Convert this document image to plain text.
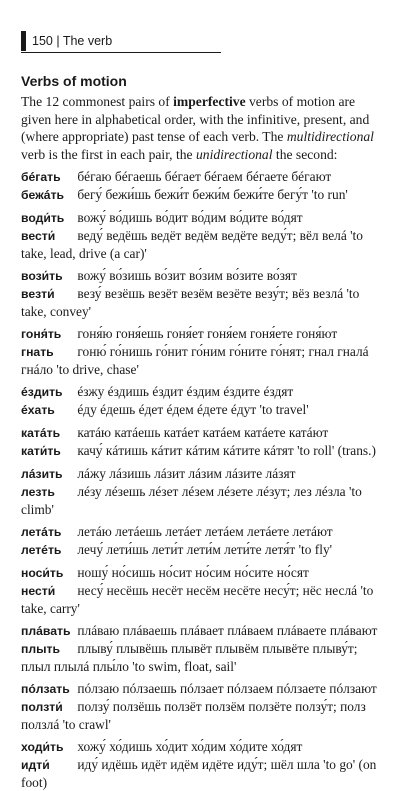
150 | The verb
Verbs of motion

The 12 commonest pairs of imperfective verbs of motion are given here in alphabetical order, with the infinitive, present, and (where appropriate) past tense of each verb. The multidirectional verb is the first in each pair, the unidirectional the second:

бéгать бéгаю бéгаешь бéгает бéгаем бéгаете бéгают
бежáть бегу́ бежи́шь бежи́т бежи́м бежи́те бегу́т 'to run'
води́ть вожу́ во́дишь во́дит во́дим во́дите во́дят
вести́ веду́ ведёшь ведёт ведём ведёте веду́т; вёл велá 'to take, lead, drive (a car)'
вози́ть вожу́ во́зишь во́зит во́зим во́зите во́зят
везти́ везу́ везёшь везёт везём везёте везу́т; вёз везлá 'to take, convey'
гоня́ть гоня́ю гоня́ешь гоня́ет гоня́ем гоня́ете гоня́ют
гнать гоню́ го́нишь го́нит го́ним го́ните го́нят; гнал гналá гнáло 'to drive, chase'
éздить éзжу éздишь éздит éздим éздите éздят
éхать éду éдешь éдет éдем éдете éдут 'to travel'
катáть катáю катáешь катáет катáем катáете катáют
кати́ть качу́ кáтишь кáтит кáтим кáтите кáтят 'to roll' (trans.)
лáзить лáжу лáзишь лáзит лáзим лáзите лáзят
лезть лéзу лéзешь лéзет лéзем лéзете лéзут; лез лéзла 'to climb'
летáть летáю летáешь летáет летáем летáете летáют
летéть лечу́ лети́шь лети́т лети́м лети́те летя́т 'to fly'
носи́ть ношу́ но́сишь но́сит но́сим но́сите но́сят
нести́ несу́ несёшь несёт несём несёте несу́т; нёс неслá 'to take, carry'
плáвать плáваю плáваешь плáвает плáваем плáваете плáвают
плыть плыву́ плывёшь плывёт плывём плывёте плыву́т; плыл плылá плы́ло 'to swim, float, sail'
пóлзать пóлзаю пóлзаешь пóлзает пóлзаем пóлзаете пóлзают
ползти́ ползу́ ползёшь ползёт ползём ползёте ползу́т; полз ползлá 'to crawl'
ходи́ть хожу́ хо́дишь хо́дит хо́дим хо́дите хо́дят
идти́ иду́ идёшь идёт идём идёте иду́т; шёл шла 'to go' (on foot)
